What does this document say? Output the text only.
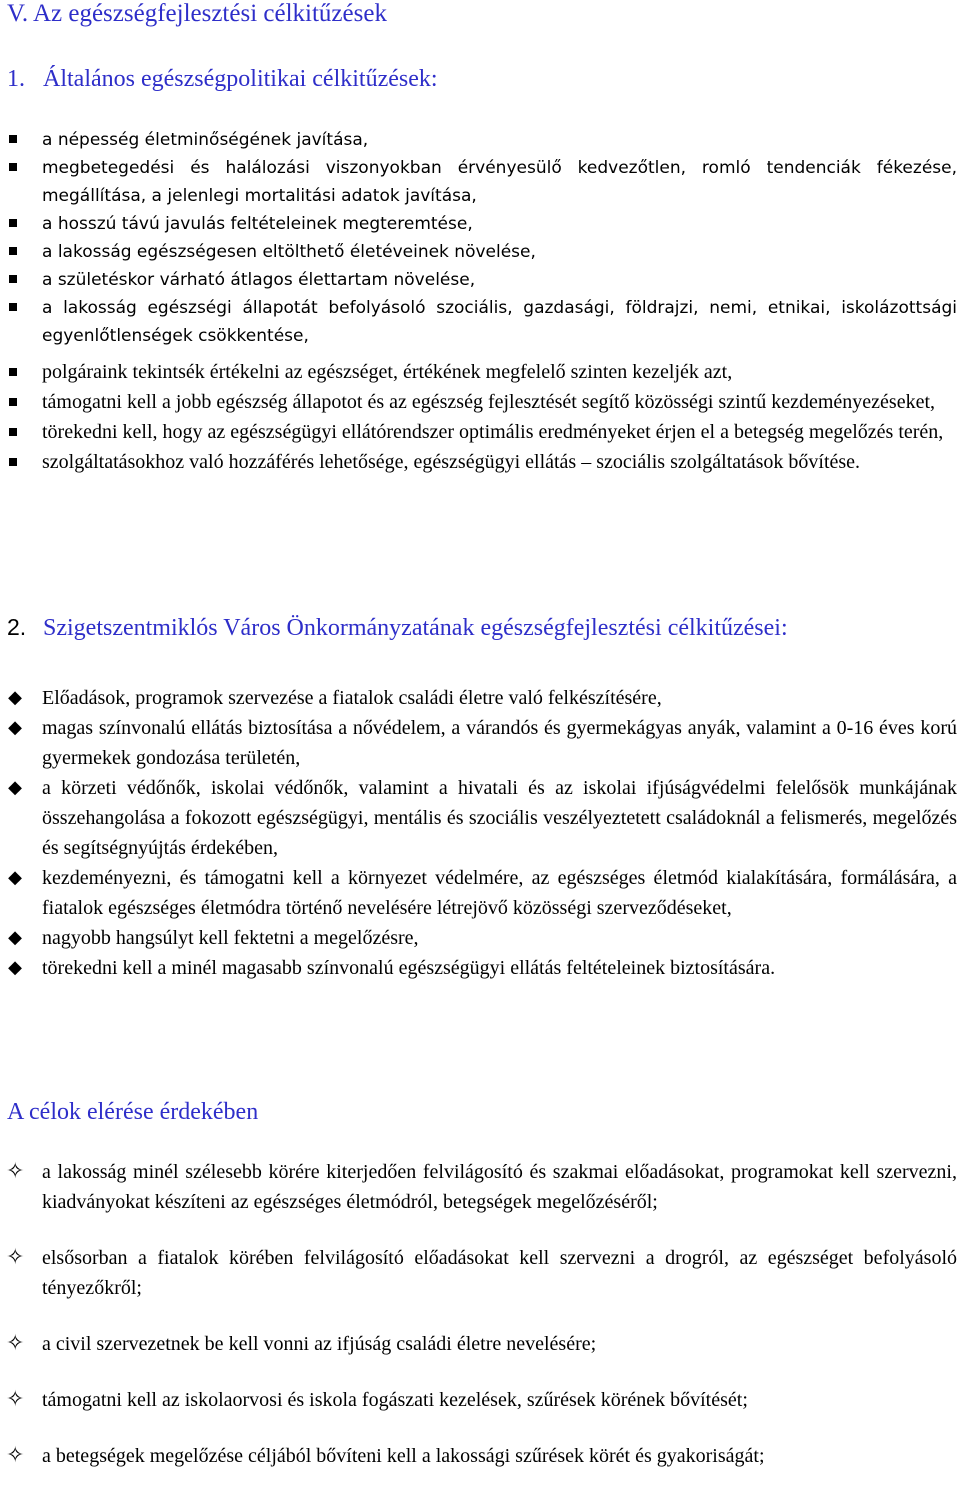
V. Az egészségfejlesztési célkitűzések
1. Általános egészségpolitikai célkitűzések:
a népesség életminőségének javítása,
megbetegedési és halálozási viszonyokban érvényesülő kedvezőtlen, romló tendenciák fékezése, megállítása, a jelenlegi mortalitási adatok javítása,
a hosszú távú javulás feltételeinek megteremtése,
a lakosság egészségesen eltölthető életéveinek növelése,
a születéskor várható átlagos élettartam növelése,
a lakosság egészségi állapotát befolyásoló szociális, gazdasági, földrajzi, nemi, etnikai, iskolázottsági egyenlőtlenségek csökkentése,
polgáraink tekintsék értékelni az egészséget, értékének megfelelő szinten kezeljék azt,
támogatni kell a jobb egészség állapotot és az egészség fejlesztését segítő közösségi szintű kezdeményezéseket,
törekedni kell, hogy az egészségügyi ellátórendszer optimális eredményeket érjen el a betegség megelőzés terén,
szolgáltatásokhoz való hozzáférés lehetősége, egészségügyi ellátás – szociális szolgáltatások bővítése.
2. Szigetszentmiklós Város Önkormányzatának egészségfejlesztési célkitűzései:
◆ Előadások, programok szervezése a fiatalok családi életre való felkészítésére,
◆ magas színvonalú ellátás biztosítása a nővédelem, a várandós és gyermekágyas anyák, valamint a 0-16 éves korú gyermekek gondozása területén,
◆ a körzeti védőnők, iskolai védőnők, valamint a hivatali és az iskolai ifjúságvédelmi felelősök munkájának összehangolása a fokozott egészségügyi, mentális és szociális veszélyeztetett családoknál a felismerés, megelőzés és segítségnyújtás érdekében,
◆ kezdeményezni, és támogatni kell a környezet védelmére, az egészséges életmód kialakítására, formálására, a fiatalok egészséges életmódra történő nevelésére létrejövő közösségi szerveződéseket,
◆ nagyobb hangsúlyt kell fektetni a megelőzésre,
◆ törekedni kell a minél magasabb színvonalú egészségügyi ellátás feltételeinek biztosítására.
A célok elérése érdekében
✧ a lakosság minél szélesebb körére kiterjedően felvilágosító és szakmai előadásokat, programokat kell szervezni, kiadványokat készíteni az egészséges életmódról, betegségek megelőzéséről;
✧ elsősorban a fiatalok körében felvilágosító előadásokat kell szervezni a drogról, az egészséget befolyásoló tényezőkről;
✧ a civil szervezetnek be kell vonni az ifjúság családi életre nevelésére;
✧ támogatni kell az iskolaorvosi és iskola fogászati kezelések, szűrések körének bővítését;
✧ a betegségek megelőzése céljából bővíteni kell a lakossági szűrések körét és gyakoriságát;
